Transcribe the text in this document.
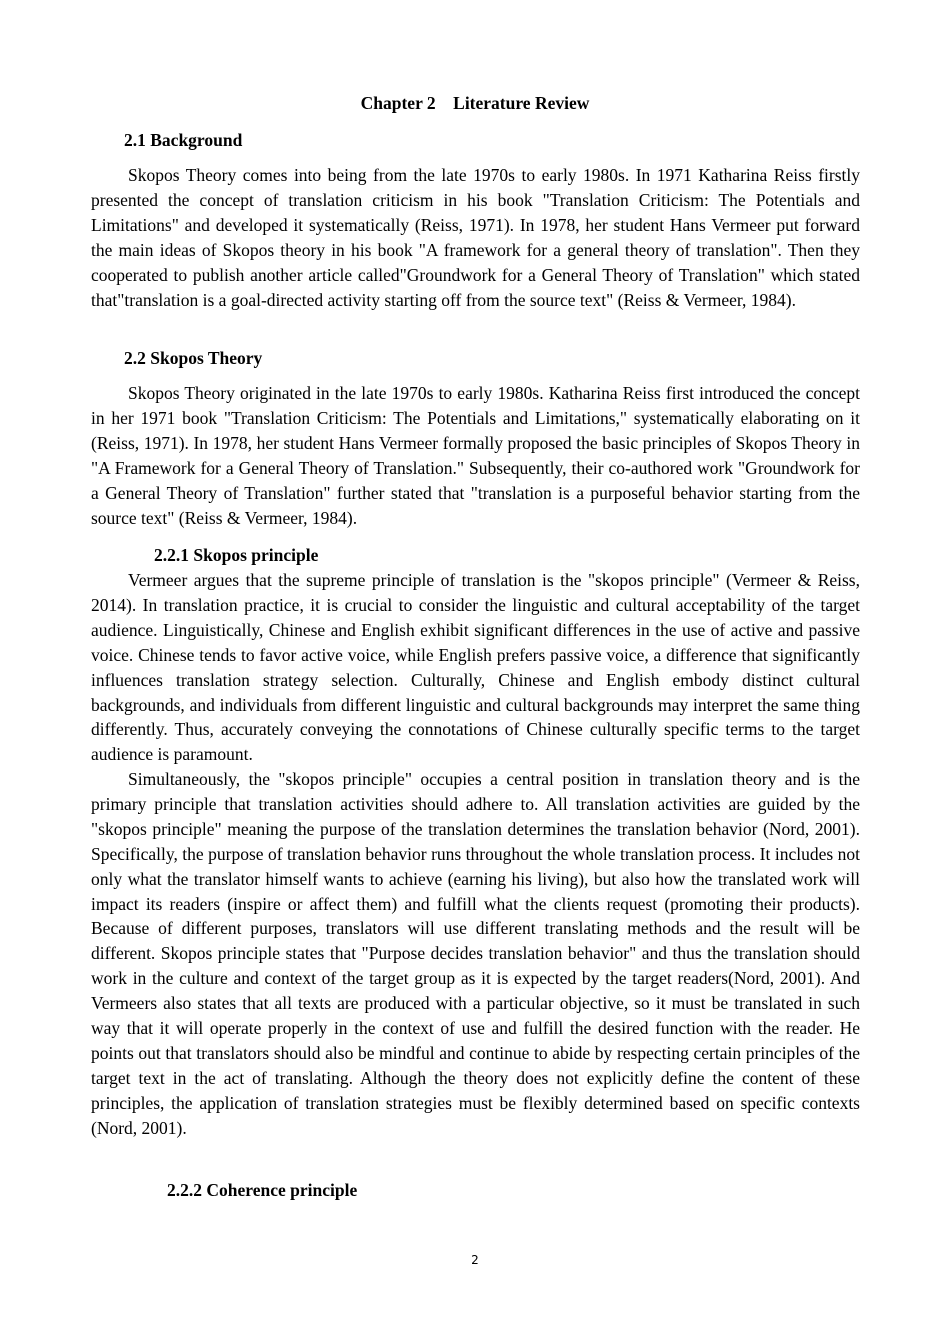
Chapter 2 Literature Review
2.1 Background

Skopos Theory comes into being from the late 1970s to early 1980s. In 1971 Katharina Reiss firstly presented the concept of translation criticism in his book "Translation Criticism: The Potentials and Limitations" and developed it systematically (Reiss, 1971). In 1978, her student Hans Vermeer put forward the main ideas of Skopos theory in his book "A framework for a general theory of translation". Then they cooperated to publish another article called"Groundwork for a General Theory of Translation" which stated that"translation is a goal-directed activity starting off from the source text" (Reiss & Vermeer, 1984).

2.2 Skopos Theory

Skopos Theory originated in the late 1970s to early 1980s. Katharina Reiss first introduced the concept in her 1971 book "Translation Criticism: The Potentials and Limitations," systematically elaborating on it (Reiss, 1971). In 1978, her student Hans Vermeer formally proposed the basic principles of Skopos Theory in "A Framework for a General Theory of Translation." Subsequently, their co-authored work "Groundwork for a General Theory of Translation" further stated that "translation is a purposeful behavior starting from the source text" (Reiss & Vermeer, 1984).

2.2.1 Skopos principle

Vermeer argues that the supreme principle of translation is the "skopos principle" (Vermeer & Reiss, 2014). In translation practice, it is crucial to consider the linguistic and cultural acceptability of the target audience. Linguistically, Chinese and English exhibit significant differences in the use of active and passive voice. Chinese tends to favor active voice, while English prefers passive voice, a difference that significantly influences translation strategy selection. Culturally, Chinese and English embody distinct cultural backgrounds, and individuals from different linguistic and cultural backgrounds may interpret the same thing differently. Thus, accurately conveying the connotations of Chinese culturally specific terms to the target audience is paramount.

Simultaneously, the "skopos principle" occupies a central position in translation theory and is the primary principle that translation activities should adhere to. All translation activities are guided by the "skopos principle" meaning the purpose of the translation determines the translation behavior (Nord, 2001). Specifically, the purpose of translation behavior runs throughout the whole translation process. It includes not only what the translator himself wants to achieve (earning his living), but also how the translated work will impact its readers (inspire or affect them) and fulfill what the clients request (promoting their products). Because of different purposes, translators will use different translating methods and the result will be different. Skopos principle states that "Purpose decides translation behavior" and thus the translation should work in the culture and context of the target group as it is expected by the target readers(Nord, 2001). And Vermeers also states that all texts are produced with a particular objective, so it must be translated in such way that it will operate properly in the context of use and fulfill the desired function with the reader. He points out that translators should also be mindful and continue to abide by respecting certain principles of the target text in the act of translating. Although the theory does not explicitly define the content of these principles, the application of translation strategies must be flexibly determined based on specific contexts (Nord, 2001).

2.2.2 Coherence principle
2
